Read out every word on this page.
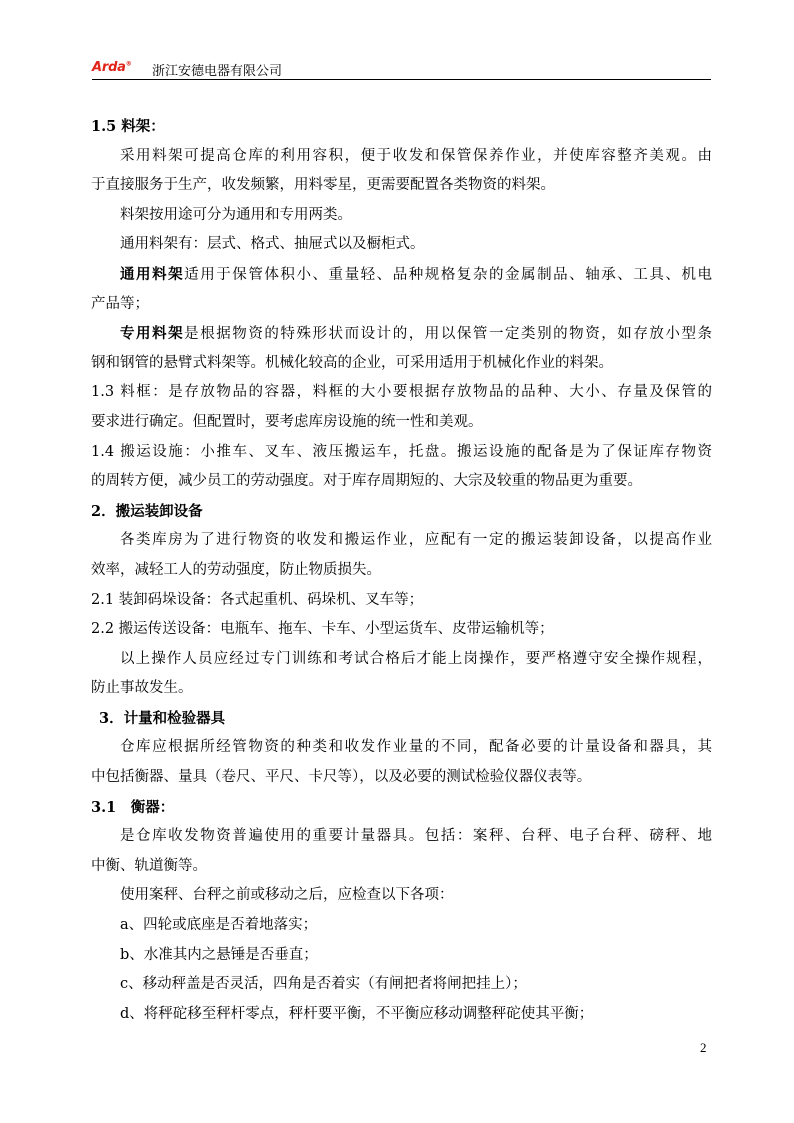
Arda® 浙江安德电器有限公司
1.5 料架：
采用料架可提高仓库的利用容积，便于收发和保管保养作业，并使库容整齐美观。由
于直接服务于生产，收发频繁，用料零星，更需要配置各类物资的料架。
料架按用途可分为通用和专用两类。
通用料架有：层式、格式、抽屉式以及橱柜式。
通用料架适用于保管体积小、重量轻、品种规格复杂的金属制品、轴承、工具、机电
产品等；
专用料架是根据物资的特殊形状而设计的，用以保管一定类别的物资，如存放小型条
钢和钢管的悬臂式料架等。机械化较高的企业，可采用适用于机械化作业的料架。
1.3 料框：是存放物品的容器，料框的大小要根据存放物品的品种、大小、存量及保管的
要求进行确定。但配置时，要考虑库房设施的统一性和美观。
1.4 搬运设施：小推车、叉车、液压搬运车，托盘。搬运设施的配备是为了保证库存物资
的周转方便，减少员工的劳动强度。对于库存周期短的、大宗及较重的物品更为重要。
2．搬运装卸设备
各类库房为了进行物资的收发和搬运作业，应配有一定的搬运装卸设备，以提高作业
效率，减轻工人的劳动强度，防止物质损失。
2.1 装卸码垛设备：各式起重机、码垛机、叉车等；
2.2 搬运传送设备：电瓶车、拖车、卡车、小型运货车、皮带运输机等；
以上操作人员应经过专门训练和考试合格后才能上岗操作，要严格遵守安全操作规程，
防止事故发生。
3．计量和检验器具
仓库应根据所经管物资的种类和收发作业量的不同，配备必要的计量设备和器具，其
中包括衡器、量具（卷尺、平尺、卡尺等），以及必要的测试检验仪器仪表等。
3.1　衡器：
是仓库收发物资普遍使用的重要计量器具。包括：案秤、台秤、电子台秤、磅秤、地
中衡、轨道衡等。
使用案秤、台秤之前或移动之后，应检查以下各项：
a、四轮或底座是否着地落实；
b、水准其内之悬锤是否垂直；
c、移动秤盖是否灵活，四角是否着实（有闸把者将闸把挂上）；
d、将秤砣移至秤杆零点，秤杆要平衡，不平衡应移动调整秤砣使其平衡；
2
